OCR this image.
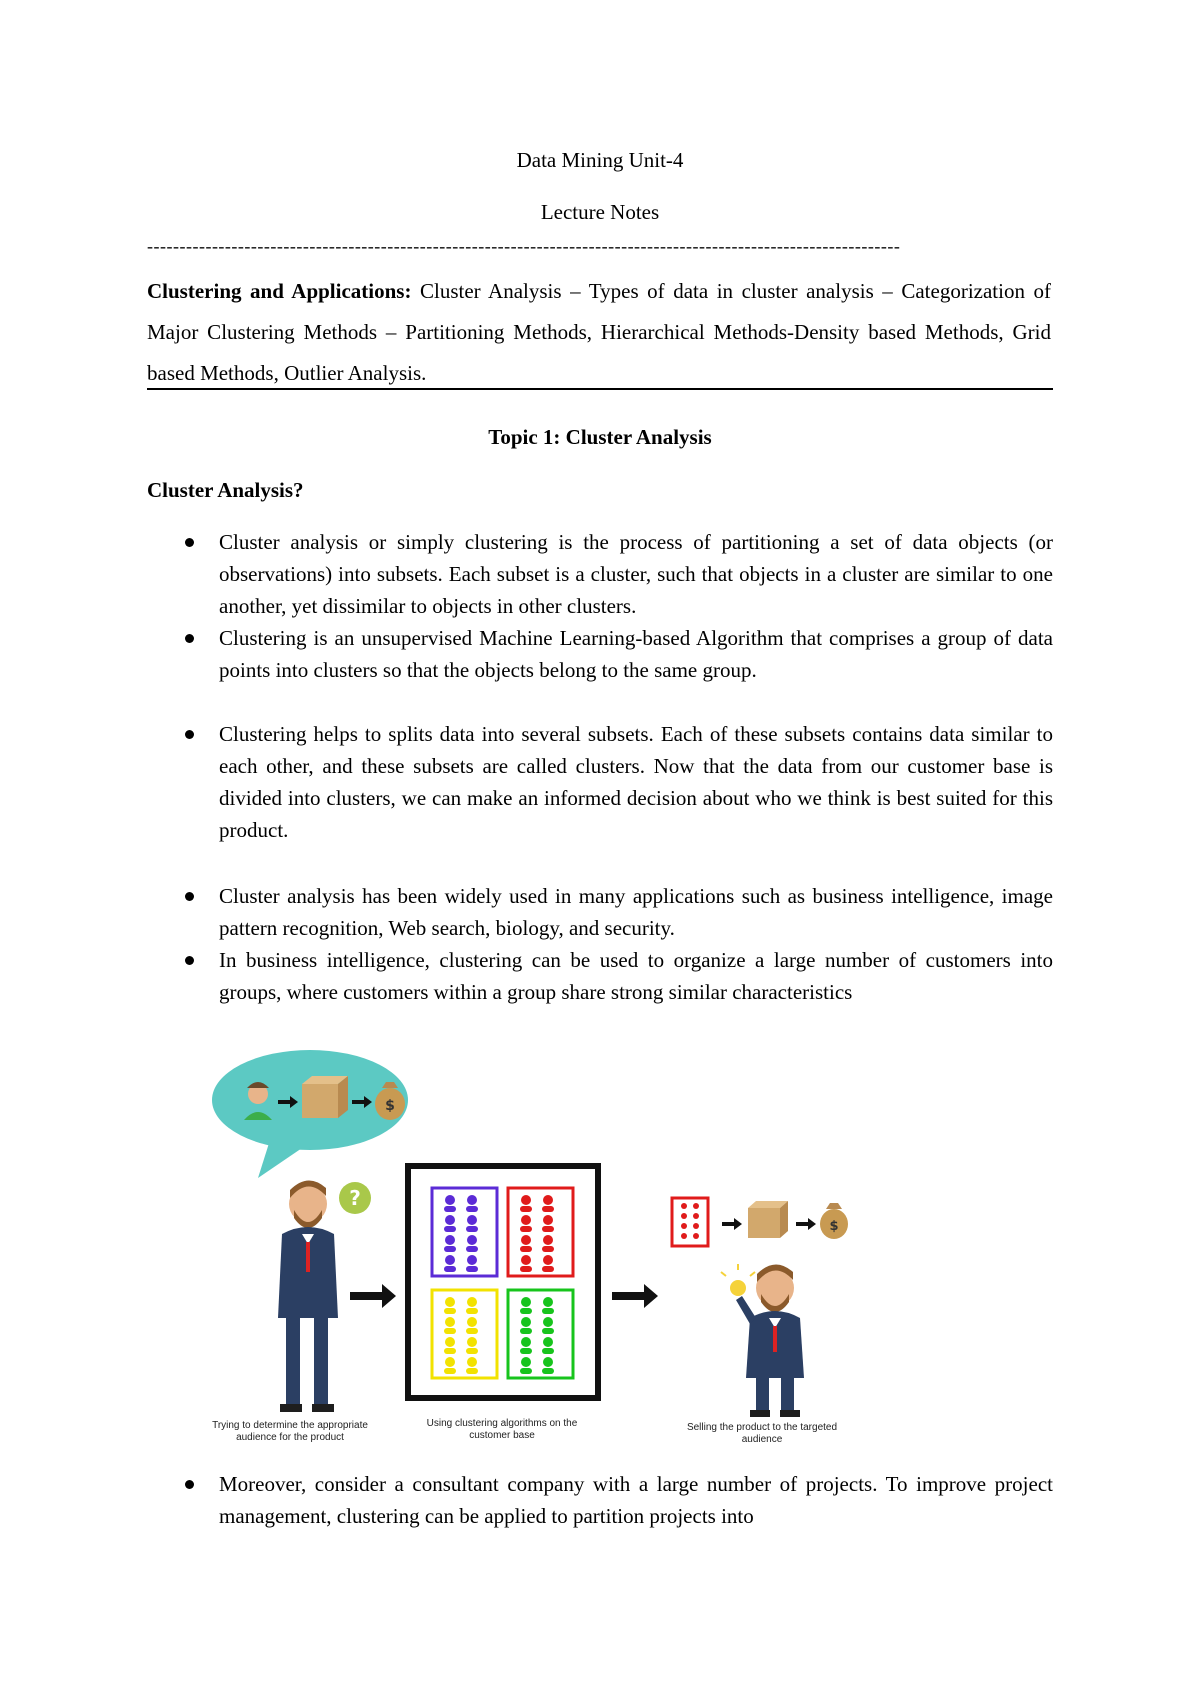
Data Mining Unit-4
Lecture Notes
--------------------------------------------------------------------------------------------------------------------
Clustering and Applications: Cluster Analysis – Types of data in cluster analysis – Categorization of Major Clustering Methods – Partitioning Methods, Hierarchical Methods-Density based Methods, Grid based Methods, Outlier Analysis.
Topic 1: Cluster Analysis
Cluster Analysis?
Cluster analysis or simply clustering is the process of partitioning a set of data objects (or observations) into subsets. Each subset is a cluster, such that objects in a cluster are similar to one another, yet dissimilar to objects in other clusters.
Clustering is an unsupervised Machine Learning-based Algorithm that comprises a group of data points into clusters so that the objects belong to the same group.
Clustering helps to splits data into several subsets. Each of these subsets contains data similar to each other, and these subsets are called clusters. Now that the data from our customer base is divided into clusters, we can make an informed decision about who we think is best suited for this product.
Cluster analysis has been widely used in many applications such as business intelligence, image pattern recognition, Web search, biology, and security.
In business intelligence, clustering can be used to organize a large number of customers into groups, where customers within a group share strong similar characteristics
$
?
$
Trying to determine the appropriate
audience for the product
Using clustering algorithms on the
customer base
Selling the product to the targeted
audience
Moreover, consider a consultant company with a large number of projects. To improve project management, clustering can be applied to partition projects into
